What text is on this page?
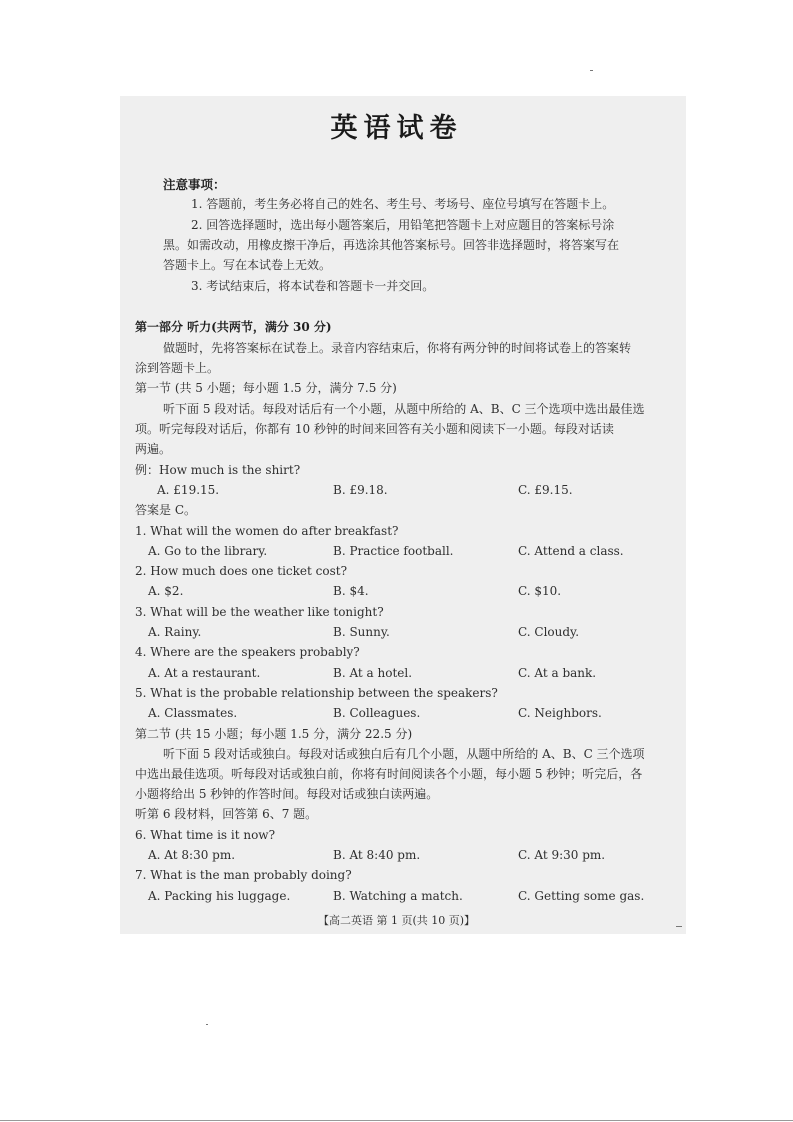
英语试卷
注意事项：
1. 答题前，考生务必将自己的姓名、考生号、考场号、座位号填写在答题卡上。
2. 回答选择题时，选出每小题答案后，用铅笔把答题卡上对应题目的答案标号涂
黑。如需改动，用橡皮擦干净后，再选涂其他答案标号。回答非选择题时，将答案写在
答题卡上。写在本试卷上无效。
3. 考试结束后，将本试卷和答题卡一并交回。
第一部分 听力(共两节，满分 30 分)
做题时，先将答案标在试卷上。录音内容结束后，你将有两分钟的时间将试卷上的答案转
涂到答题卡上。
第一节 (共 5 小题；每小题 1.5 分，满分 7.5 分)
听下面 5 段对话。每段对话后有一个小题，从题中所给的 A、B、C 三个选项中选出最佳选
项。听完每段对话后，你都有 10 秒钟的时间来回答有关小题和阅读下一小题。每段对话读
两遍。
例：How much is the shirt?
A. £19.15.	B. £9.18.	C. £9.15.
答案是 C。
1. What will the women do after breakfast?
A. Go to the library.	B. Practice football.	C. Attend a class.
2. How much does one ticket cost?
A. $2.	B. $4.	C. $10.
3. What will be the weather like tonight?
A. Rainy.	B. Sunny.	C. Cloudy.
4. Where are the speakers probably?
A. At a restaurant.	B. At a hotel.	C. At a bank.
5. What is the probable relationship between the speakers?
A. Classmates.	B. Colleagues.	C. Neighbors.
第二节 (共 15 小题；每小题 1.5 分，满分 22.5 分)
听下面 5 段对话或独白。每段对话或独白后有几个小题，从题中所给的 A、B、C 三个选项
中选出最佳选项。听每段对话或独白前，你将有时间阅读各个小题，每小题 5 秒钟；听完后，各
小题将给出 5 秒钟的作答时间。每段对话或独白读两遍。
听第 6 段材料，回答第 6、7 题。
6. What time is it now?
A. At 8:30 pm.	B. At 8:40 pm.	C. At 9:30 pm.
7. What is the man probably doing?
A. Packing his luggage.	B. Watching a match.	C. Getting some gas.
【高二英语 第 1 页(共 10 页)】
